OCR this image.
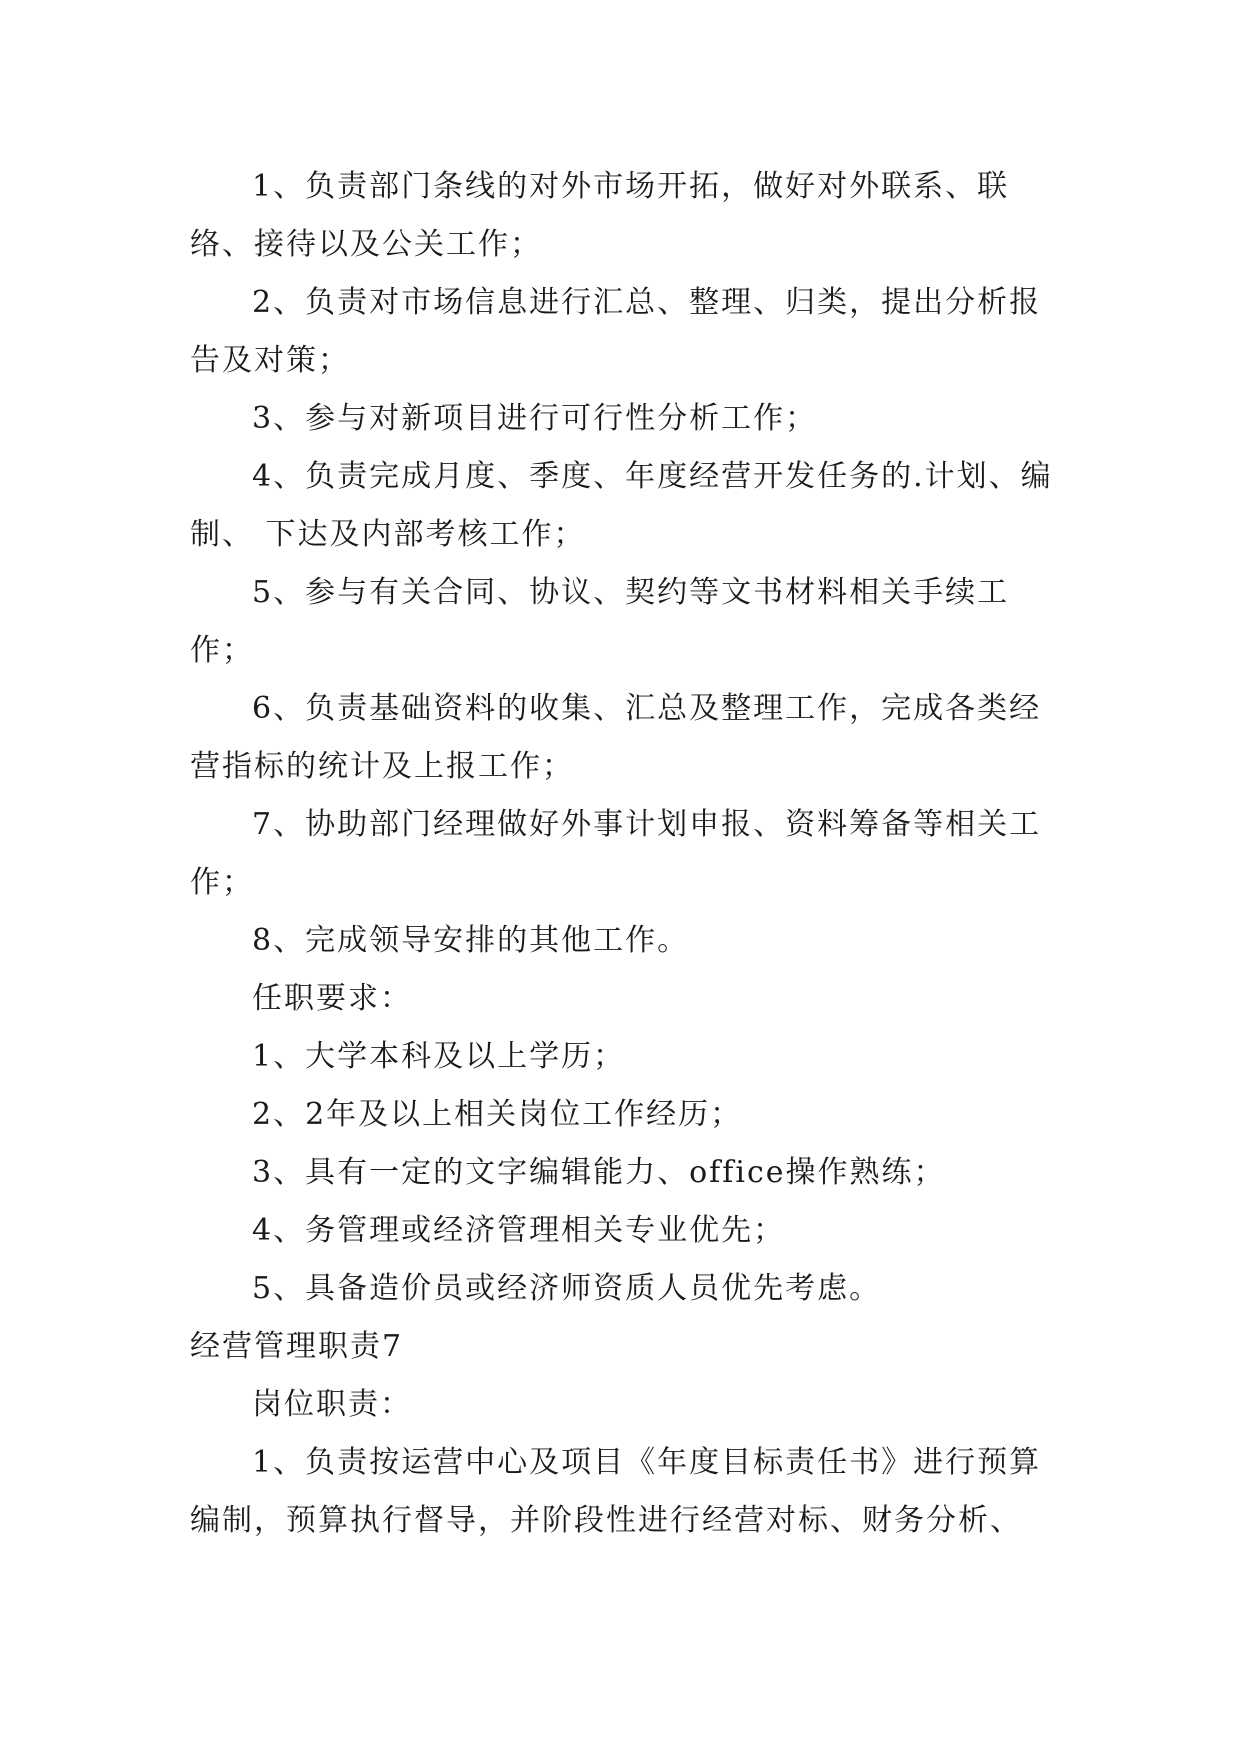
1、负责部门条线的对外市场开拓，做好对外联系、联络、接待以及公关工作；

2、负责对市场信息进行汇总、整理、归类，提出分析报告及对策；

3、参与对新项目进行可行性分析工作；

4、负责完成月度、季度、年度经营开发任务的.计划、编制、 下达及内部考核工作；

5、参与有关合同、协议、契约等文书材料相关手续工作；

6、负责基础资料的收集、汇总及整理工作，完成各类经营指标的统计及上报工作；

7、协助部门经理做好外事计划申报、资料筹备等相关工作；

8、完成领导安排的其他工作。

任职要求：

1、大学本科及以上学历；

2、2年及以上相关岗位工作经历；

3、具有一定的文字编辑能力、office操作熟练；

4、务管理或经济管理相关专业优先；

5、具备造价员或经济师资质人员优先考虑。

经营管理职责7

岗位职责：

1、负责按运营中心及项目《年度目标责任书》进行预算编制，预算执行督导，并阶段性进行经营对标、财务分析、
